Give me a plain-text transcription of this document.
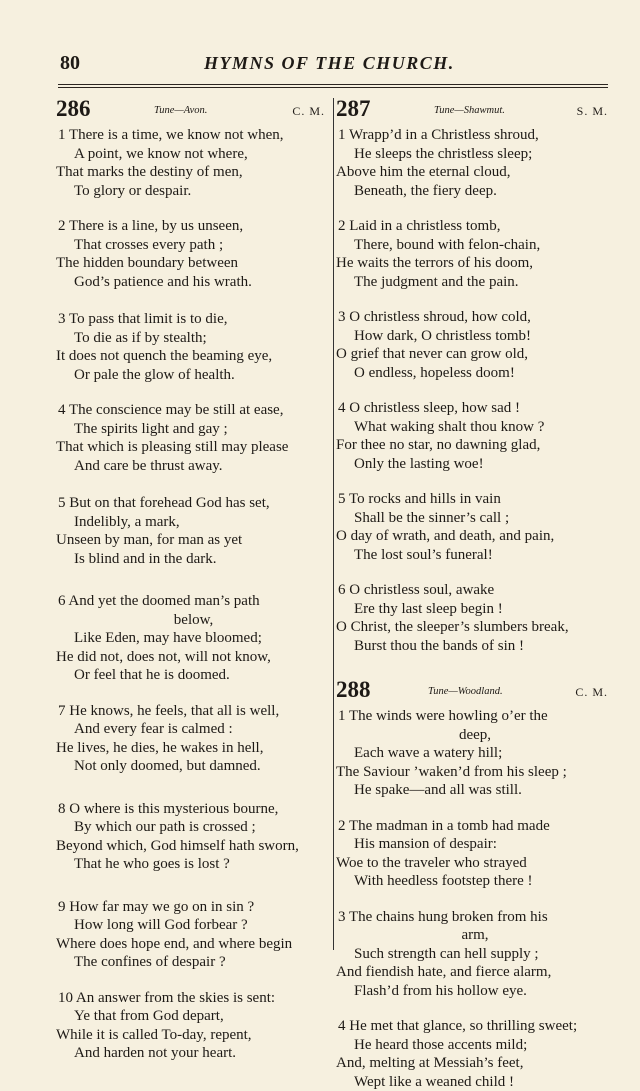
80	HYMNS OF THE CHURCH.
286	Tune—Avon.	C. M.
1 There is a time, we know not when,
A point, we know not where,
That marks the destiny of men,
To glory or despair.
2 There is a line, by us unseen,
That crosses every path ;
The hidden boundary between
God’s patience and his wrath.
3 To pass that limit is to die,
To die as if by stealth;
It does not quench the beaming eye,
Or pale the glow of health.
4 The conscience may be still at ease,
The spirits light and gay ;
That which is pleasing still may please
And care be thrust away.
5 But on that forehead God has set,
Indelibly, a mark,
Unseen by man, for man as yet
Is blind and in the dark.
6 And yet the doomed man’s path
below,
Like Eden, may have bloomed;
He did not, does not, will not know,
Or feel that he is doomed.
7 He knows, he feels, that all is well,
And every fear is calmed :
He lives, he dies, he wakes in hell,
Not only doomed, but damned.
8 O where is this mysterious bourne,
By which our path is crossed ;
Beyond which, God himself hath sworn,
That he who goes is lost ?
9 How far may we go on in sin ?
How long will God forbear ?
Where does hope end, and where begin
The confines of despair ?
10 An answer from the skies is sent:
Ye that from God depart,
While it is called To-day, repent,
And harden not your heart.
287	Tune—Shawmut.	S. M.
1 Wrapp’d in a Christless shroud,
He sleeps the christless sleep;
Above him the eternal cloud,
Beneath, the fiery deep.
2 Laid in a christless tomb,
There, bound with felon-chain,
He waits the terrors of his doom,
The judgment and the pain.
3 O christless shroud, how cold,
How dark, O christless tomb!
O grief that never can grow old,
O endless, hopeless doom!
4 O christless sleep, how sad !
What waking shalt thou know ?
For thee no star, no dawning glad,
Only the lasting woe!
5 To rocks and hills in vain
Shall be the sinner’s call ;
O day of wrath, and death, and pain,
The lost soul’s funeral!
6 O christless soul, awake
Ere thy last sleep begin !
O Christ, the sleeper’s slumbers break,
Burst thou the bands of sin !
288	Tune—Woodland.	C. M.
1 The winds were howling o’er the
deep,
Each wave a watery hill;
The Saviour ’waken’d from his sleep ;
He spake—and all was still.
2 The madman in a tomb had made
His mansion of despair:
Woe to the traveler who strayed
With heedless footstep there !
3 The chains hung broken from his
arm,
Such strength can hell supply ;
And fiendish hate, and fierce alarm,
Flash’d from his hollow eye.
4 He met that glance, so thrilling sweet;
He heard those accents mild;
And, melting at Messiah’s feet,
Wept like a weaned child !
